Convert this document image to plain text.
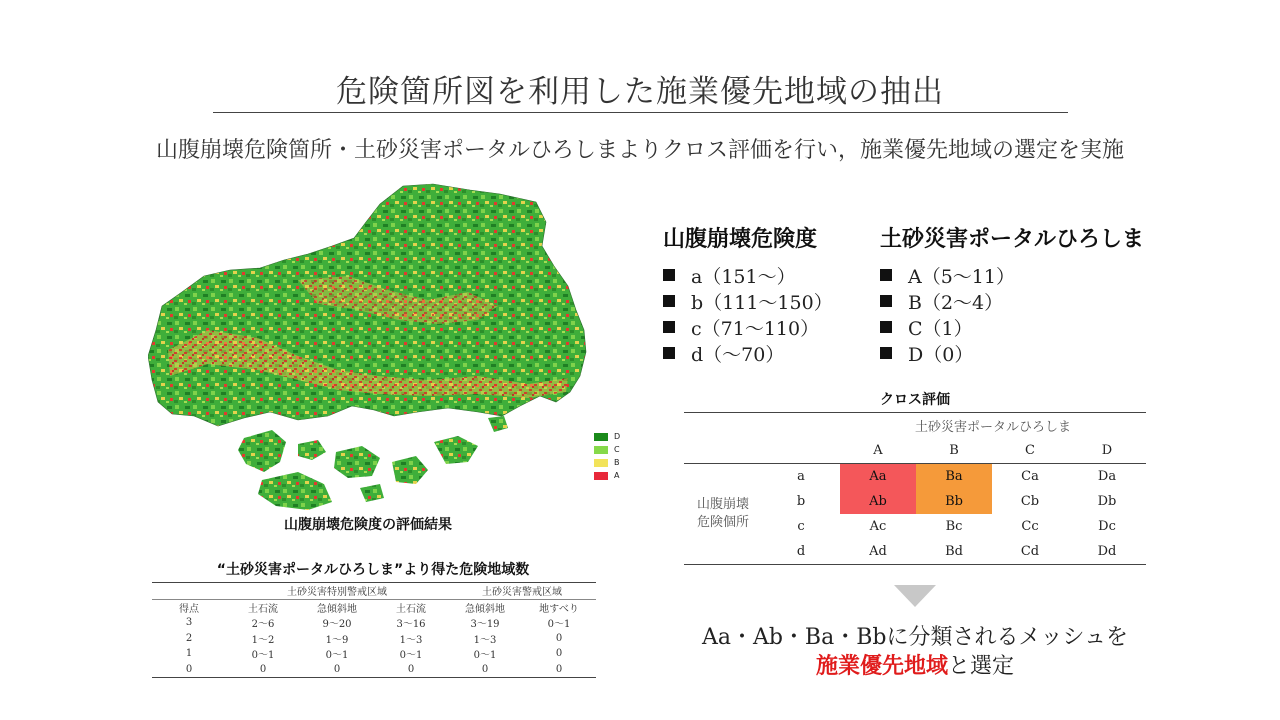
危険箇所図を利用した施業優先地域の抽出
山腹崩壊危険箇所・土砂災害ポータルひろしまよりクロス評価を行い，施業優先地域の選定を実施
D
C
B
A
山腹崩壊危険度の評価結果
“土砂災害ポータルひろしま”より得た危険地域数
	土砂災害特別警戒区域			土砂災害警戒区域	
得点	土石流	急傾斜地	土石流	急傾斜地	地すべり
3	2～6	9～20	3～16	3～19	0～1
2	1～2	1～9	1～3	1～3	0
1	0～1	0～1	0～1	0～1	0
0	0	0	0	0	0
山腹崩壊危険度
a（151～）
b（111～150）
c（71～110）
d（～70）
土砂災害ポータルひろしま
A（5～11）
B（2～4）
C（1）
D（0）
クロス評価
		土砂災害ポータルひろしま			
		A	B	C	D
山腹崩壊
危険個所	a	Aa	Ba	Ca	Da
	b	Ab	Bb	Cb	Db
	c	Ac	Bc	Cc	Dc
	d	Ad	Bd	Cd	Dd
Aa・Ab・Ba・Bbに分類されるメッシュを
施業優先地域と選定
